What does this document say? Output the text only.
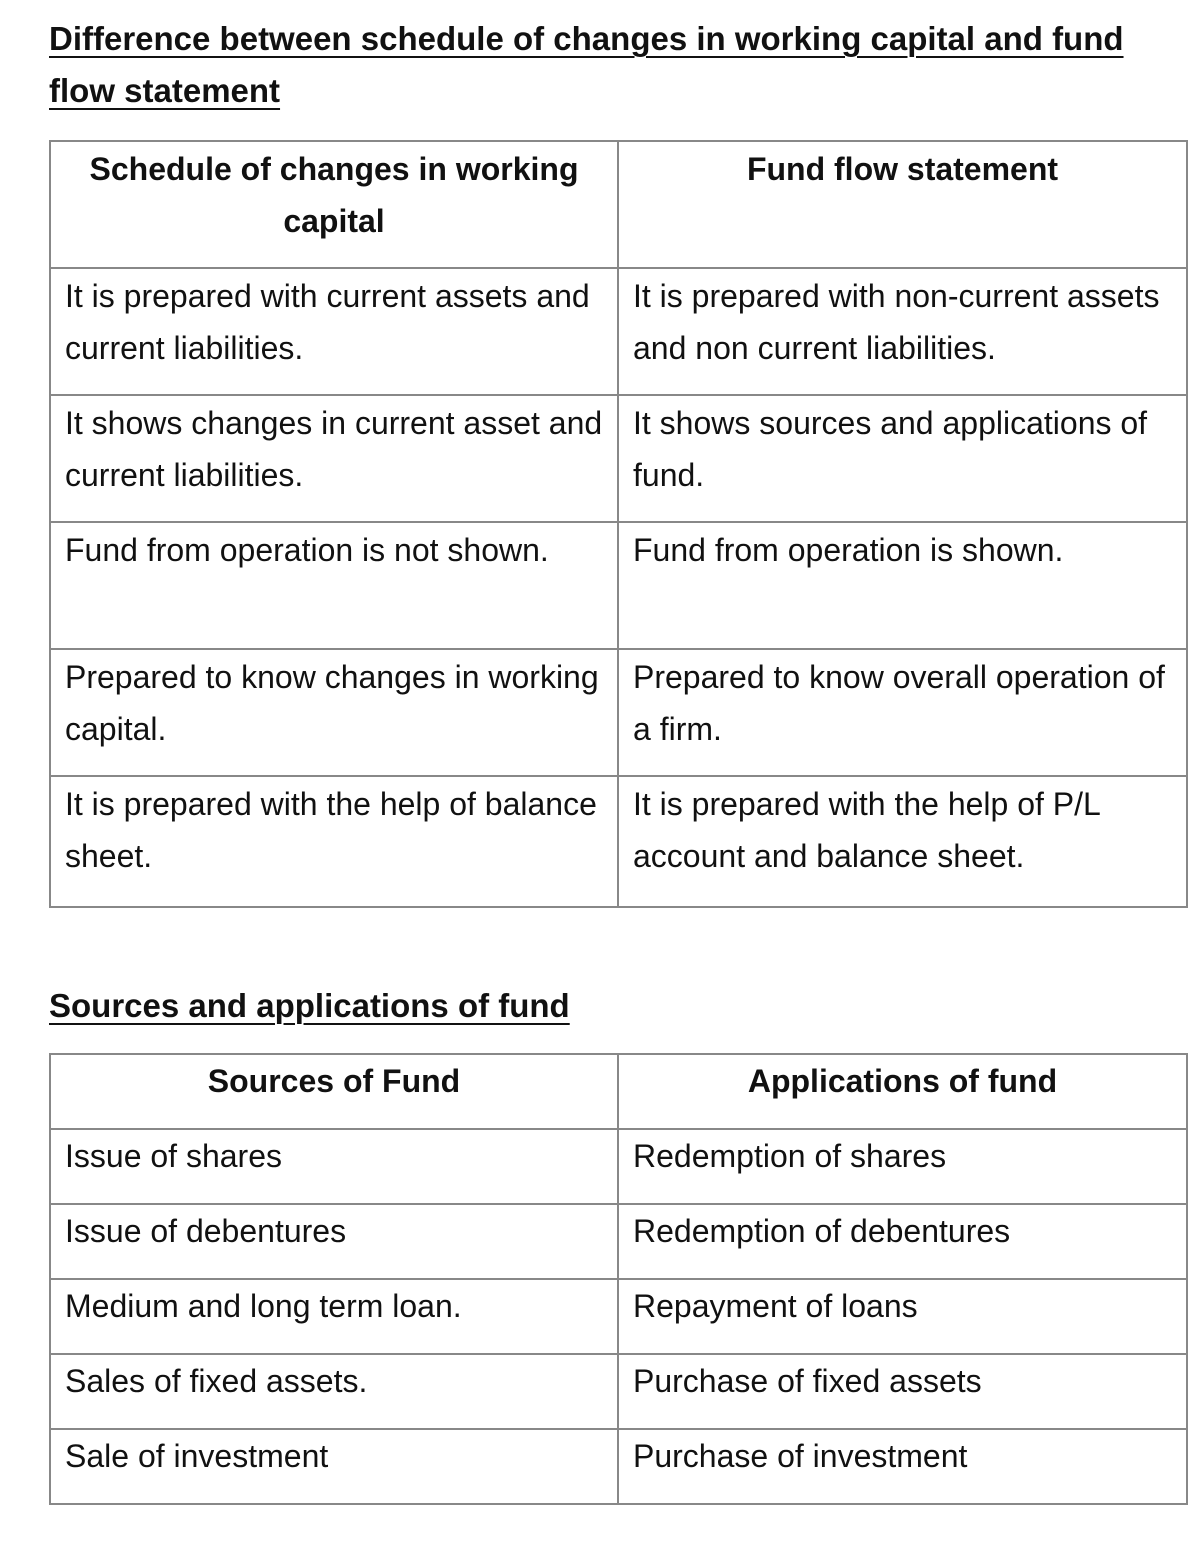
Difference between schedule of changes in working capital and fund flow statement
Schedule of changes in working capital	Fund flow statement
It is prepared with current assets and current liabilities.	It is prepared with non-current assets and non current liabilities.
It shows changes in current asset and current liabilities.	It shows sources and applications of fund.
Fund from operation is not shown.	Fund from operation is shown.
Prepared to know changes in working capital.	Prepared to know overall operation of a firm.
It is prepared with the help of balance sheet.	It is prepared with the help of P/L account and balance sheet.
Sources and applications of fund
Sources of Fund	Applications of fund
Issue of shares	Redemption of shares
Issue of debentures	Redemption of debentures
Medium and long term loan.	Repayment of loans
Sales of fixed assets.	Purchase of fixed assets
Sale of investment	Purchase of investment
